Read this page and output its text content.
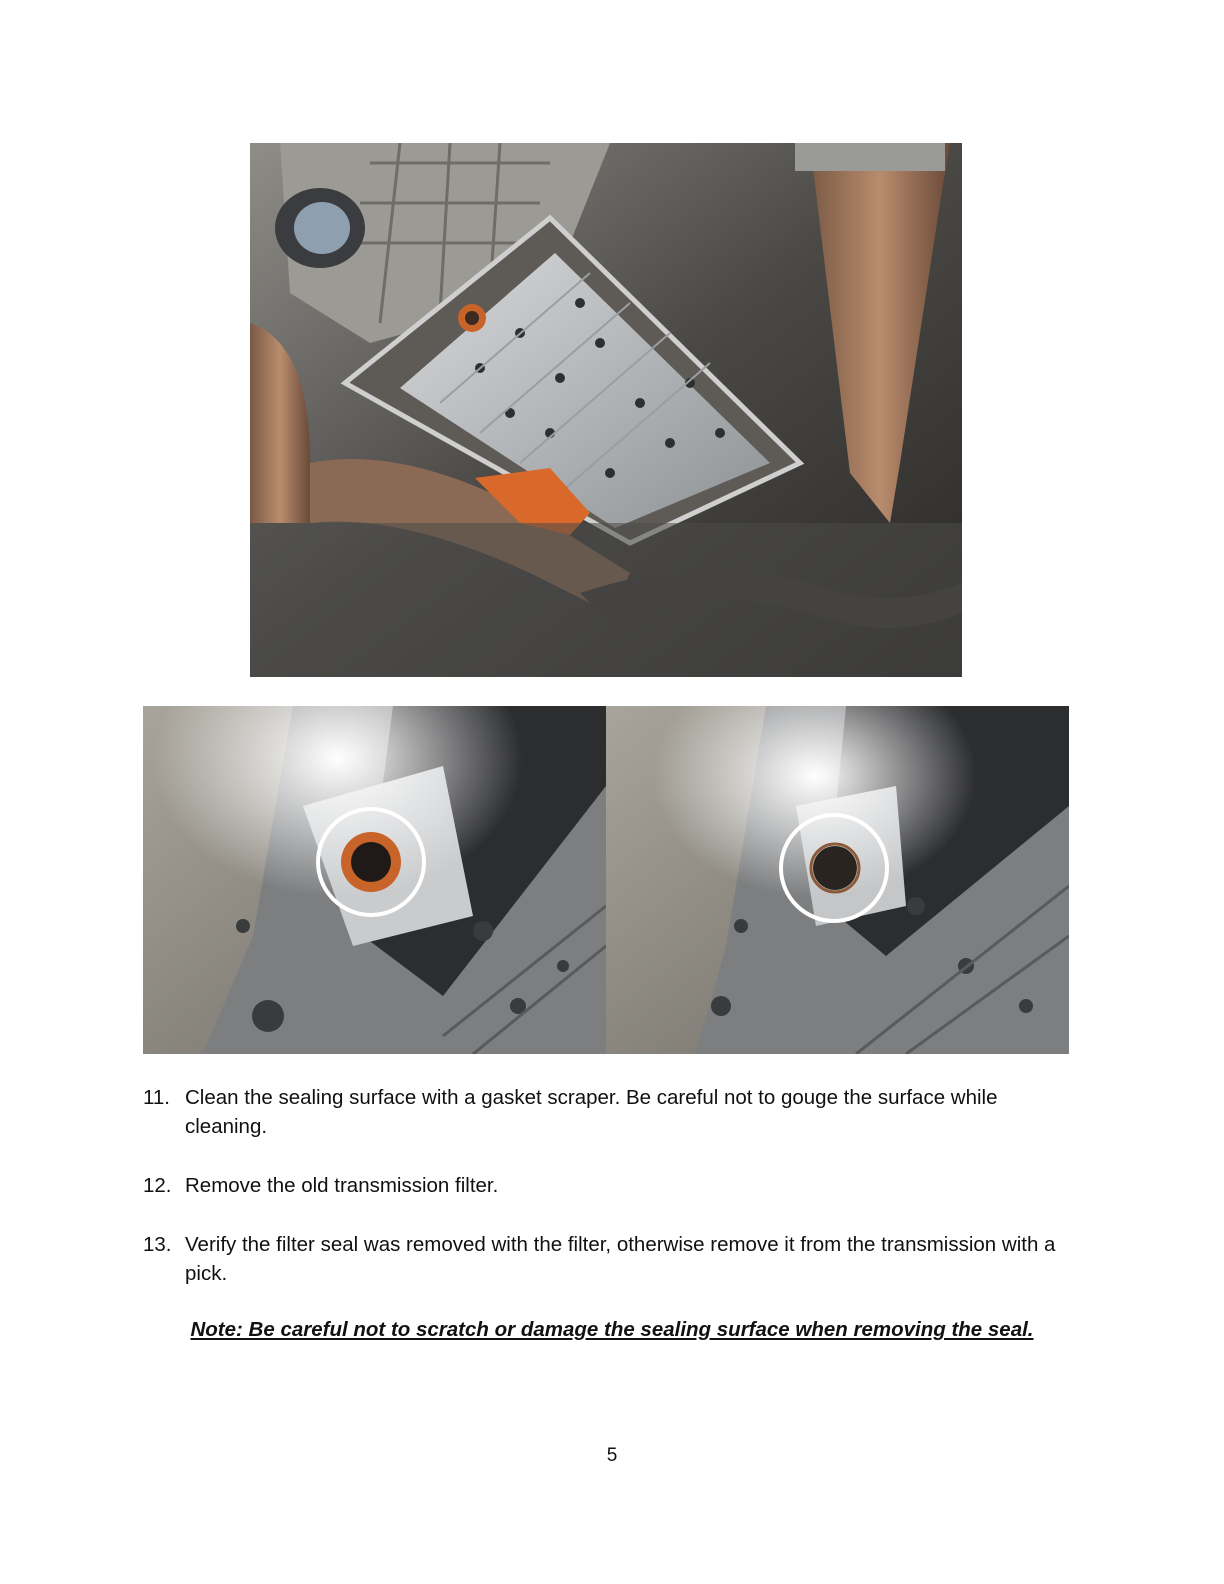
11. Clean the sealing surface with a gasket scraper. Be careful not to gouge the surface while cleaning.
12. Remove the old transmission filter.
13. Verify the filter seal was removed with the filter, otherwise remove it from the transmission with a pick.
Note: Be careful not to scratch or damage the sealing surface when removing the seal.
5
